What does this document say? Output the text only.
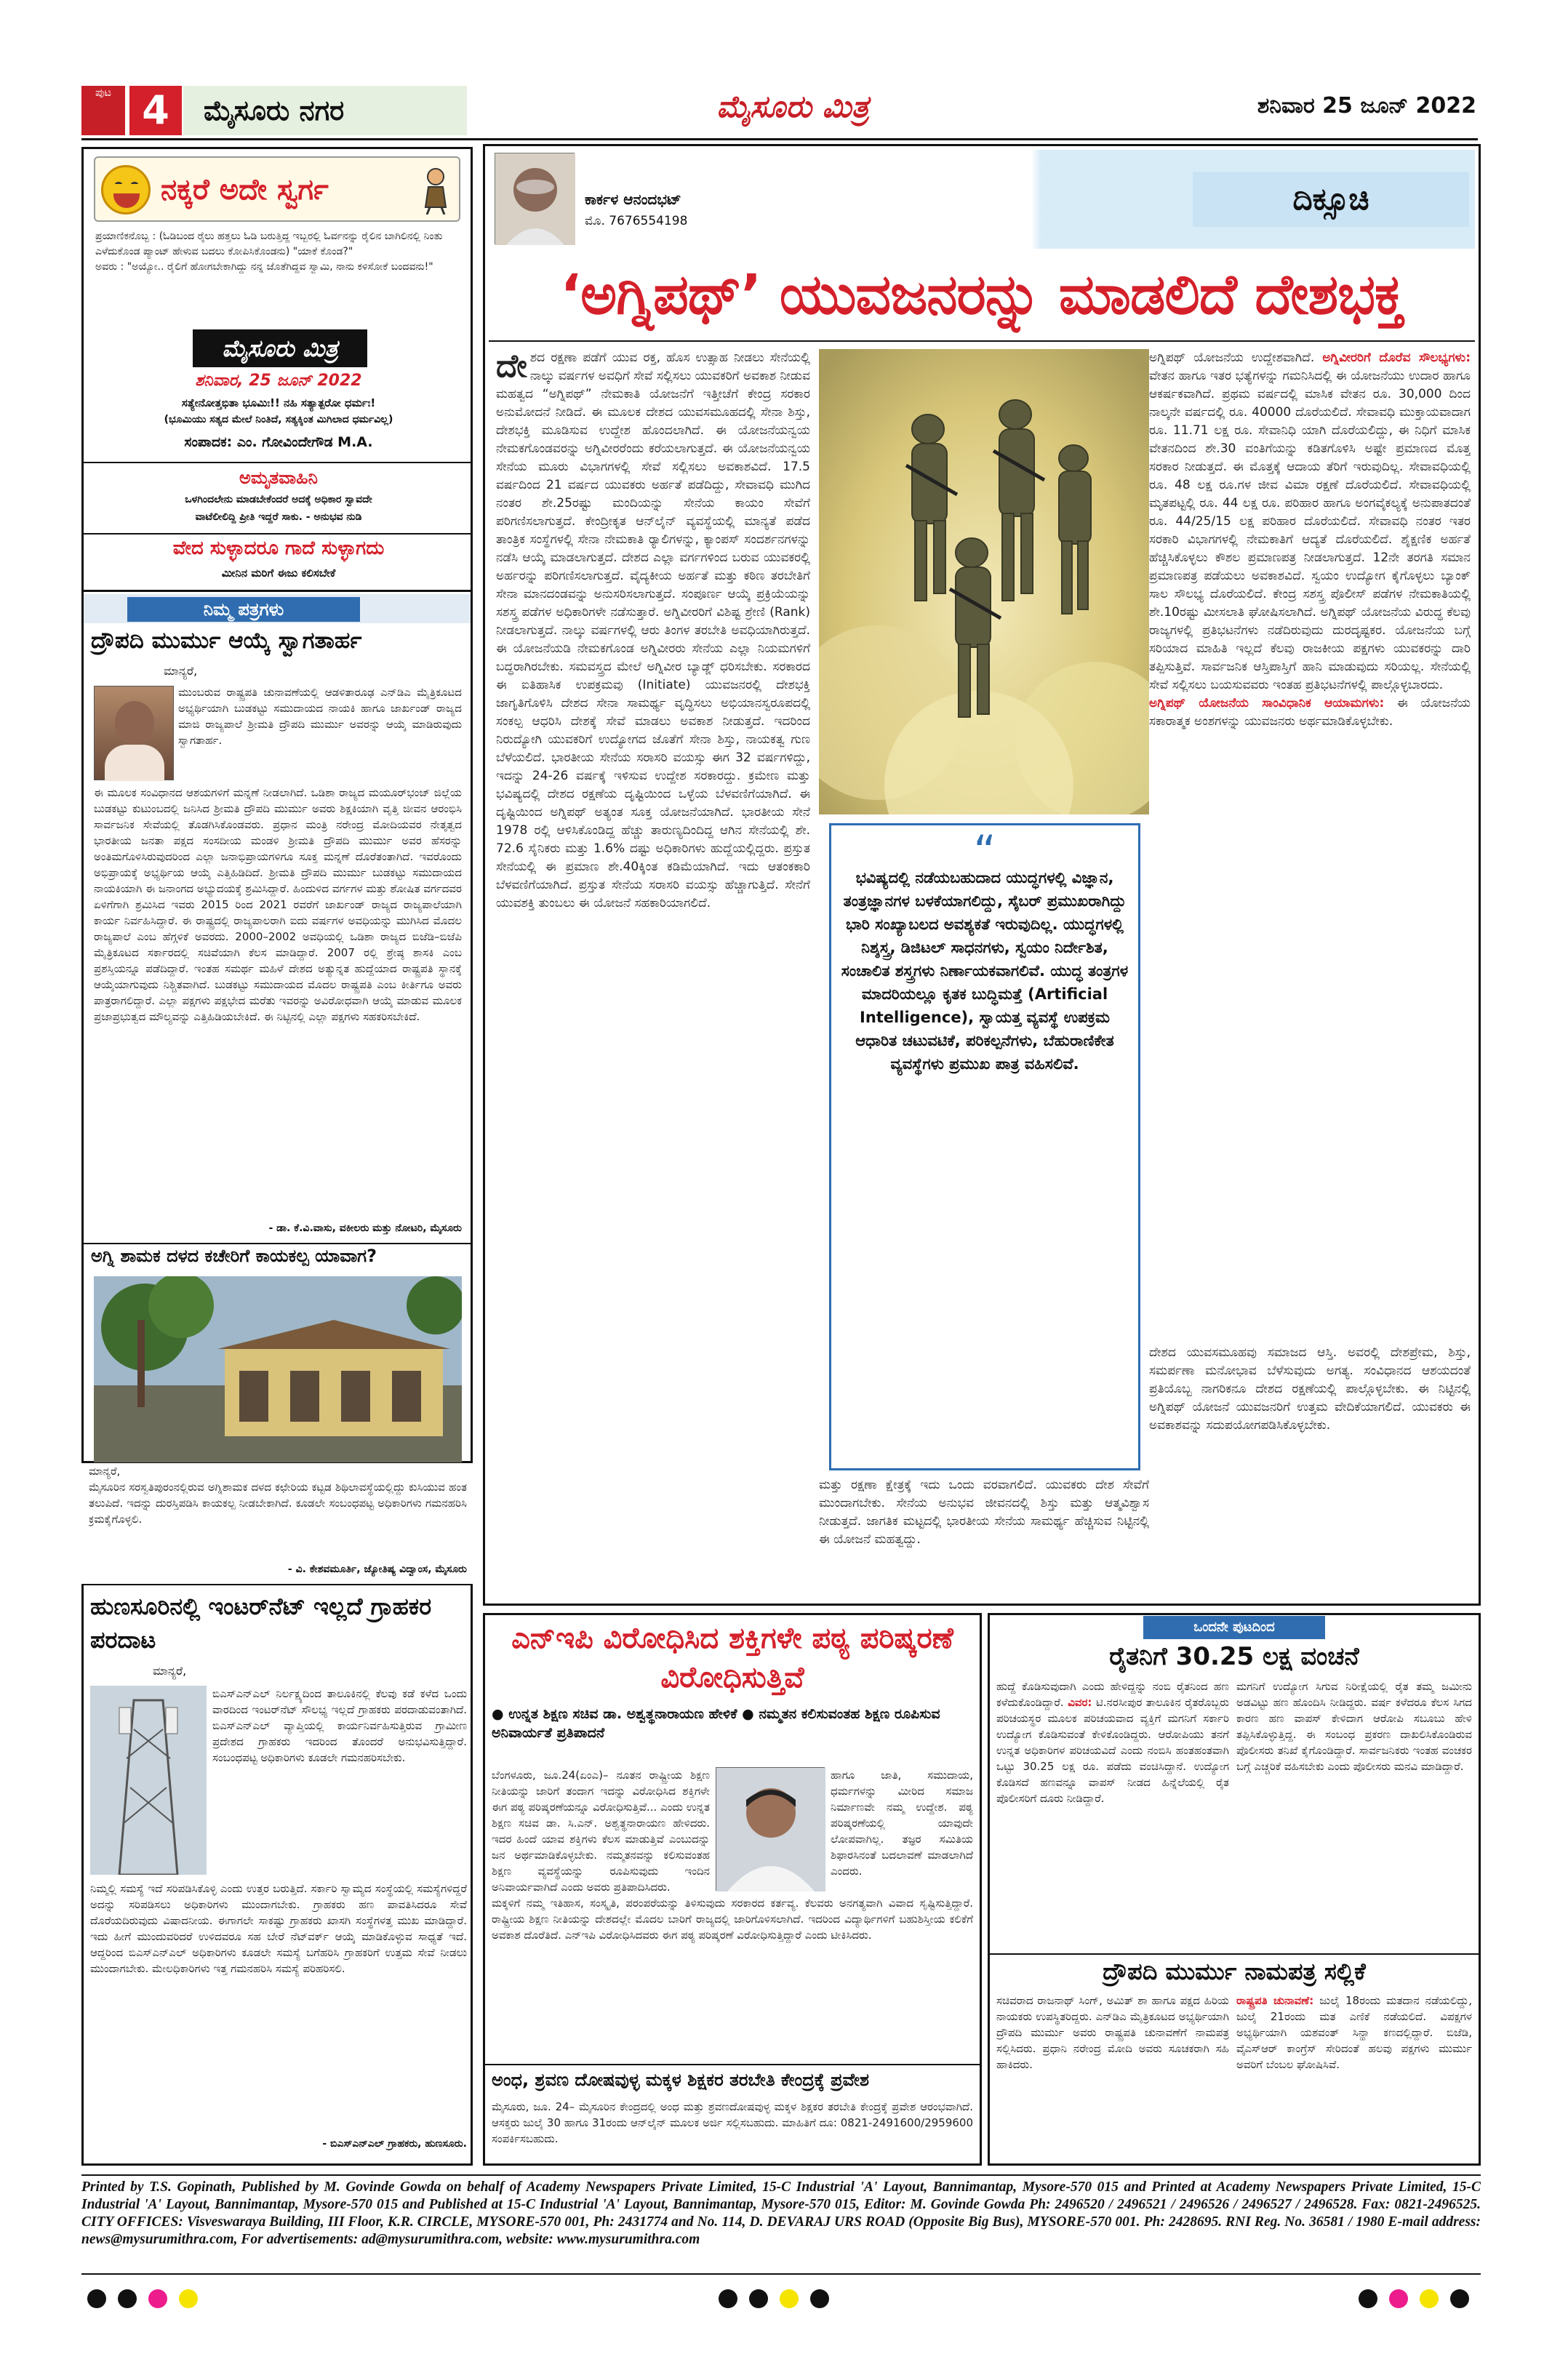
ಪುಟ 4	ಮೈಸೂರು ನಗರ	ಮೈಸೂರು ಮಿತ್ರ	ಶನಿವಾರ 25 ಜೂನ್ 2022
ನಕ್ಕರೆ ಅದೇ ಸ್ವರ್ಗ
ಪ್ರಯಾಣಿಕನೊಬ್ಬ : (ಓಡಿಬಂದ ರೈಲು ಹತ್ತಲು ಓಡಿ ಬರುತ್ತಿದ್ದ ಇಬ್ಬರಲ್ಲಿ ಓರ್ವನನ್ನು ರೈಲಿನ ಬಾಗಿಲಿನಲ್ಲಿ ನಿಂತು
ಎಳೆದುಕೊಂಡ ಪ್ಯಾಂಟ್‌ ಹೇಳುವ ಬದಲು ಕೋಪಿಸಿಕೊಂಡನು) "ಯಾಕೆ ಕೊಂಡ?"
ಅವರು : "ಅಯ್ಯೋ.. ರೈಲಿಗೆ ಹೋಗಬೇಕಾಗಿದ್ದು ನನ್ನ ಜೊತೆಗಿದ್ದವ ಸ್ವಾಮಿ, ನಾನು ಕಳಿಸೋಕೆ ಬಂದವನು!"
ಮೈಸೂರು ಮಿತ್ರ
ಶನಿವಾರ, 25 ಜೂನ್ 2022
ಸತ್ಯೇನೋತ್ತಭಿತಾ ಭೂಮಿಃ!! ನಹಿ ಸತ್ಯಾತ್ಪರೋ ಧರ್ಮಃ!
(ಭೂಮಿಯು ಸತ್ಯದ ಮೇಲೆ ನಿಂತಿದೆ, ಸತ್ಯಕ್ಕಿಂತ ಮಿಗಿಲಾದ ಧರ್ಮವಿಲ್ಲ)
ಸಂಪಾದಕ: ಎಂ. ಗೋವಿಂದೇಗೌಡ M.A.
ಅಮೃತವಾಹಿನಿ
ಒಳಗಿಂದಲೇನು ಮಾಡಬೇಕೆಂದರೆ ಅದಕ್ಕೆ ಅಧಿಕಾರ ಸ್ವಾವದೇ
ವಾಟೆಲೀಲಿದ್ದಿ ಪ್ರೀತಿ ಇದ್ದರೆ ಸಾಕು. - ಅನುಭವ ನುಡಿ
ವೇದ ಸುಳ್ಳಾದರೂ ಗಾದೆ ಸುಳ್ಳಾಗದು
ಮೀನಿನ ಮರಿಗೆ ಈಜು ಕಲಿಸಬೇಕೆ
ನಿಮ್ಮ ಪತ್ರಗಳು
ದ್ರೌಪದಿ ಮುರ್ಮು ಆಯ್ಕೆ ಸ್ವಾಗತಾರ್ಹ
ಮಾನ್ಯರೆ,
ಮುಂಬರುವ ರಾಷ್ಟ್ರಪತಿ ಚುನಾವಣೆಯಲ್ಲಿ ಆಡಳಿತಾರೂಢ ಎನ್‌ಡಿಎ ಮೈತ್ರಿಕೂಟದ ಅಭ್ಯರ್ಥಿಯಾಗಿ ಬುಡಕಟ್ಟು ಸಮುದಾಯದ ನಾಯಕಿ ಹಾಗೂ ಜಾರ್ಖಂಡ್ ರಾಜ್ಯದ ಮಾಜಿ ರಾಜ್ಯಪಾಲೆ ಶ್ರೀಮತಿ ದ್ರೌಪದಿ ಮುರ್ಮು ಅವರನ್ನು ಆಯ್ಕೆ ಮಾಡಿರುವುದು ಸ್ವಾಗತಾರ್ಹ.
ಈ ಮೂಲಕ ಸಂವಿಧಾನದ ಆಶಯಗಳಿಗೆ ಮನ್ನಣೆ ನೀಡಲಾಗಿದೆ. ಒಡಿಶಾ ರಾಜ್ಯದ ಮಯೂರ್‌ಭಂಜ್ ಜಿಲ್ಲೆಯ ಬುಡಕಟ್ಟು ಕುಟುಂಬದಲ್ಲಿ ಜನಿಸಿದ ಶ್ರೀಮತಿ ದ್ರೌಪದಿ ಮುರ್ಮು ಅವರು ಶಿಕ್ಷಕಿಯಾಗಿ ವೃತ್ತಿ ಜೀವನ ಆರಂಭಿಸಿ ಸಾರ್ವಜನಿಕ ಸೇವೆಯಲ್ಲಿ ತೊಡಗಿಸಿಕೊಂಡವರು. ಪ್ರಧಾನ ಮಂತ್ರಿ ನರೇಂದ್ರ ಮೋದಿಯವರ ನೇತೃತ್ವದ ಭಾರತೀಯ ಜನತಾ ಪಕ್ಷದ ಸಂಸದೀಯ ಮಂಡಳಿ ಶ್ರೀಮತಿ ದ್ರೌಪದಿ ಮುರ್ಮು ಅವರ ಹೆಸರನ್ನು ಅಂತಿಮಗೊಳಿಸಿರುವುದರಿಂದ ಎಲ್ಲಾ ಜನಾಭಿಪ್ರಾಯಗಳಿಗೂ ಸೂಕ್ತ ಮನ್ನಣೆ ದೊರೆತಂತಾಗಿದೆ. ಇವರೊಂದು ಅಭಿಪ್ರಾಯಕ್ಕೆ ಅಭ್ಯರ್ಥಿಯ ಆಯ್ಕೆ ಎತ್ತಿಹಿಡಿದಿದೆ. ಶ್ರೀಮತಿ ದ್ರೌಪದಿ ಮುರ್ಮು ಬುಡಕಟ್ಟು ಸಮುದಾಯದ ನಾಯಕಿಯಾಗಿ ಈ ಜನಾಂಗದ ಅಭ್ಯುದಯಕ್ಕೆ ಶ್ರಮಿಸಿದ್ದಾರೆ. ಹಿಂದುಳಿದ ವರ್ಗಗಳ ಮತ್ತು ಶೋಷಿತ ವರ್ಗದವರ ಏಳಿಗೆಗಾಗಿ ಶ್ರಮಿಸಿದ ಇವರು 2015 ರಿಂದ 2021 ರವರೆಗೆ ಜಾರ್ಖಂಡ್ ರಾಜ್ಯದ ರಾಜ್ಯಪಾಲೆಯಾಗಿ ಕಾರ್ಯ ನಿರ್ವಹಿಸಿದ್ದಾರೆ. ಈ ರಾಷ್ಟ್ರದಲ್ಲಿ ರಾಜ್ಯಪಾಲರಾಗಿ ಐದು ವರ್ಷಗಳ ಅವಧಿಯನ್ನು ಮುಗಿಸಿದ ಮೊದಲ ರಾಜ್ಯಪಾಲೆ ಎಂಬ ಹೆಗ್ಗಳಿಕೆ ಅವರದು. 2000–2002 ಅವಧಿಯಲ್ಲಿ ಒಡಿಶಾ ರಾಜ್ಯದ ಬಿಜೆಡಿ–ಬಿಜೆಪಿ ಮೈತ್ರಿಕೂಟದ ಸರ್ಕಾರದಲ್ಲಿ ಸಚಿವೆಯಾಗಿ ಕೆಲಸ ಮಾಡಿದ್ದಾರೆ. 2007 ರಲ್ಲಿ ಶ್ರೇಷ್ಠ ಶಾಸಕಿ ಎಂಬ ಪ್ರಶಸ್ತಿಯನ್ನೂ ಪಡೆದಿದ್ದಾರೆ. ಇಂತಹ ಸಮರ್ಥ ಮಹಿಳೆ ದೇಶದ ಅತ್ಯುನ್ನತ ಹುದ್ದೆಯಾದ ರಾಷ್ಟ್ರಪತಿ ಸ್ಥಾನಕ್ಕೆ ಆಯ್ಕೆಯಾಗುವುದು ನಿಶ್ಚಿತವಾಗಿದೆ. ಬುಡಕಟ್ಟು ಸಮುದಾಯದ ಮೊದಲ ರಾಷ್ಟ್ರಪತಿ ಎಂಬ ಕೀರ್ತಿಗೂ ಅವರು ಪಾತ್ರರಾಗಲಿದ್ದಾರೆ. ಎಲ್ಲಾ ಪಕ್ಷಗಳು ಪಕ್ಷಭೇದ ಮರೆತು ಇವರನ್ನು ಅವಿರೋಧವಾಗಿ ಆಯ್ಕೆ ಮಾಡುವ ಮೂಲಕ ಪ್ರಜಾಪ್ರಭುತ್ವದ ಮೌಲ್ಯವನ್ನು ಎತ್ತಿಹಿಡಿಯಬೇಕಿದೆ. ಈ ನಿಟ್ಟಿನಲ್ಲಿ ಎಲ್ಲಾ ಪಕ್ಷಗಳು ಸಹಕರಿಸಬೇಕಿದೆ.
- ಡಾ. ಕೆ.ವಿ.ವಾಸು, ವಕೀಲರು ಮತ್ತು ನೋಟರಿ, ಮೈಸೂರು
ಅಗ್ನಿ ಶಾಮಕ ದಳದ ಕಚೇರಿಗೆ ಕಾಯಕಲ್ಪ ಯಾವಾಗ?
ಮಾನ್ಯರೆ,
ಮೈಸೂರಿನ ಸರಸ್ವತಿಪುರಂನಲ್ಲಿರುವ ಅಗ್ನಿಶಾಮಕ ದಳದ ಕಛೇರಿಯ ಕಟ್ಟಡ ಶಿಥಿಲಾವಸ್ಥೆಯಲ್ಲಿದ್ದು ಕುಸಿಯುವ ಹಂತ ತಲುಪಿದೆ. ಇದನ್ನು ದುರಸ್ತಿಪಡಿಸಿ ಕಾಯಕಲ್ಪ ನೀಡಬೇಕಾಗಿದೆ. ಕೂಡಲೇ ಸಂಬಂಧಪಟ್ಟ ಅಧಿಕಾರಿಗಳು ಗಮನಹರಿಸಿ ಕ್ರಮಕೈಗೊಳ್ಳಲಿ.
- ವಿ. ಕೇಶವಮೂರ್ತಿ, ಜ್ಯೋತಿಷ್ಯ ವಿದ್ವಾಂಸ, ಮೈಸೂರು
ಹುಣಸೂರಿನಲ್ಲಿ ಇಂಟರ್‌ನೆಟ್ ಇಲ್ಲದೆ ಗ್ರಾಹಕರ ಪರದಾಟ
ಮಾನ್ಯರೆ,
ಬಿಎಸ್‌ಎನ್‌ಎಲ್ ನಿರ್ಲಕ್ಷ್ಯದಿಂದ ತಾಲೂಕಿನಲ್ಲಿ ಕೆಲವು ಕಡೆ ಕಳೆದ ಒಂದು ವಾರದಿಂದ ಇಂಟರ್‌ನೆಟ್ ಸೌಲಭ್ಯ ಇಲ್ಲದೆ ಗ್ರಾಹಕರು ಪರದಾಡುವಂತಾಗಿದೆ. ಬಿಎಸ್‌ಎನ್‌ಎಲ್ ವ್ಯಾಪ್ತಿಯಲ್ಲಿ ಕಾರ್ಯನಿರ್ವಹಿಸುತ್ತಿರುವ ಗ್ರಾಮೀಣ ಪ್ರದೇಶದ ಗ್ರಾಹಕರು ಇದರಿಂದ ತೊಂದರೆ ಅನುಭವಿಸುತ್ತಿದ್ದಾರೆ. ಸಂಬಂಧಪಟ್ಟ ಅಧಿಕಾರಿಗಳು ಕೂಡಲೇ ಗಮನಹರಿಸಬೇಕು.
ನಿಮ್ಮಲ್ಲಿ ಸಮಸ್ಯೆ ಇದೆ ಸರಿಪಡಿಸಿಕೊಳ್ಳಿ ಎಂದು ಉತ್ತರ ಬರುತ್ತಿದೆ. ಸರ್ಕಾರಿ ಸ್ವಾಮ್ಯದ ಸಂಸ್ಥೆಯಲ್ಲಿ ಸಮಸ್ಯೆಗಳಿದ್ದರೆ ಅದನ್ನು ಸರಿಪಡಿಸಲು ಅಧಿಕಾರಿಗಳು ಮುಂದಾಗಬೇಕು. ಗ್ರಾಹಕರು ಹಣ ಪಾವತಿಸಿದರೂ ಸೇವೆ ದೊರೆಯದಿರುವುದು ವಿಷಾದನೀಯ. ಈಗಾಗಲೇ ಸಾಕಷ್ಟು ಗ್ರಾಹಕರು ಖಾಸಗಿ ಸಂಸ್ಥೆಗಳತ್ತ ಮುಖ ಮಾಡಿದ್ದಾರೆ. ಇದು ಹೀಗೆ ಮುಂದುವರಿದರೆ ಉಳಿದವರೂ ಸಹ ಬೇರೆ ನೆಟ್‌ವರ್ಕ್ ಆಯ್ಕೆ ಮಾಡಿಕೊಳ್ಳುವ ಸಾಧ್ಯತೆ ಇದೆ. ಆದ್ದರಿಂದ ಬಿಎಸ್‌ಎನ್‌ಎಲ್ ಅಧಿಕಾರಿಗಳು ಕೂಡಲೇ ಸಮಸ್ಯೆ ಬಗೆಹರಿಸಿ ಗ್ರಾಹಕರಿಗೆ ಉತ್ತಮ ಸೇವೆ ನೀಡಲು ಮುಂದಾಗಬೇಕು. ಮೇಲಧಿಕಾರಿಗಳು ಇತ್ತ ಗಮನಹರಿಸಿ ಸಮಸ್ಯೆ ಪರಿಹರಿಸಲಿ.
- ಬಿಎಸ್‌ಎನ್‌ಎಲ್ ಗ್ರಾಹಕರು, ಹುಣಸೂರು.
ಕಾರ್ಕಳ ಆನಂದಭಟ್
ಮೊ. 7676554198
ದಿಕ್ಸೂಚಿ
‘ಅಗ್ನಿಪಥ್’ ಯುವಜನರನ್ನು ಮಾಡಲಿದೆ ದೇಶಭಕ್ತ
ದೇಶದ ರಕ್ಷಣಾ ಪಡೆಗೆ ಯುವ ರಕ್ತ, ಹೊಸ ಉತ್ಸಾಹ ನೀಡಲು ಸೇನೆಯಲ್ಲಿ ನಾಲ್ಕು ವರ್ಷಗಳ ಅವಧಿಗೆ ಸೇವೆ ಸಲ್ಲಿಸಲು ಯುವಕರಿಗೆ ಅವಕಾಶ ನೀಡುವ ಮಹತ್ವದ “ಅಗ್ನಿಪಥ್” ನೇಮಕಾತಿ ಯೋಜನೆಗೆ ಇತ್ತೀಚೆಗೆ ಕೇಂದ್ರ ಸರಕಾರ ಅನುಮೋದನೆ ನೀಡಿದೆ. ಈ ಮೂಲಕ ದೇಶದ ಯುವಸಮೂಹದಲ್ಲಿ ಸೇನಾ ಶಿಸ್ತು, ದೇಶಭಕ್ತಿ ಮೂಡಿಸುವ ಉದ್ದೇಶ ಹೊಂದಲಾಗಿದೆ. ಈ ಯೋಜನೆಯನ್ವಯ ನೇಮಕಗೊಂಡವರನ್ನು ಅಗ್ನಿವೀರರೆಂದು ಕರೆಯಲಾಗುತ್ತದೆ. ಈ ಯೋಜನೆಯನ್ವಯ ಸೇನೆಯ ಮೂರು ವಿಭಾಗಗಳಲ್ಲಿ ಸೇವೆ ಸಲ್ಲಿಸಲು ಅವಕಾಶವಿದೆ. 17.5 ವರ್ಷದಿಂದ 21 ವರ್ಷದ ಯುವಕರು ಅರ್ಹತೆ ಪಡೆದಿದ್ದು, ಸೇವಾವಧಿ ಮುಗಿದ ನಂತರ ಶೇ.25ರಷ್ಟು ಮಂದಿಯನ್ನು ಸೇನೆಯ ಕಾಯಂ ಸೇವೆಗೆ ಪರಿಗಣಿಸಲಾಗುತ್ತದೆ. ಕೇಂದ್ರೀಕೃತ ಆನ್‌ಲೈನ್ ವ್ಯವಸ್ಥೆಯಲ್ಲಿ ಮಾನ್ಯತೆ ಪಡೆದ ತಾಂತ್ರಿಕ ಸಂಸ್ಥೆಗಳಲ್ಲಿ ಸೇನಾ ನೇಮಕಾತಿ ರ‍್ಯಾಲಿಗಳನ್ನು, ಕ್ಯಾಂಪಸ್ ಸಂದರ್ಶನಗಳನ್ನು ನಡೆಸಿ ಆಯ್ಕೆ ಮಾಡಲಾಗುತ್ತದೆ. ದೇಶದ ಎಲ್ಲಾ ವರ್ಗಗಳಿಂದ ಬರುವ ಯುವಕರಲ್ಲಿ ಅರ್ಹರನ್ನು ಪರಿಗಣಿಸಲಾಗುತ್ತದೆ. ವೈದ್ಯಕೀಯ ಅರ್ಹತೆ ಮತ್ತು ಕಠಿಣ ತರಬೇತಿಗೆ ಸೇನಾ ಮಾನದಂಡವನ್ನು ಅನುಸರಿಸಲಾಗುತ್ತದೆ. ಸಂಪೂರ್ಣ ಆಯ್ಕೆ ಪ್ರಕ್ರಿಯೆಯನ್ನು ಸಶಸ್ತ್ರ ಪಡೆಗಳ ಅಧಿಕಾರಿಗಳೇ ನಡೆಸುತ್ತಾರೆ. ಅಗ್ನಿವೀರರಿಗೆ ವಿಶಿಷ್ಟ ಶ್ರೇಣಿ (Rank) ನೀಡಲಾಗುತ್ತದೆ. ನಾಲ್ಕು ವರ್ಷಗಳಲ್ಲಿ ಆರು ತಿಂಗಳ ತರಬೇತಿ ಅವಧಿಯಾಗಿರುತ್ತದೆ. ಈ ಯೋಜನೆಯಡಿ ನೇಮಕಗೊಂಡ ಅಗ್ನಿವೀರರು ಸೇನೆಯ ಎಲ್ಲಾ ನಿಯಮಗಳಿಗೆ ಬದ್ಧರಾಗಿರಬೇಕು. ಸಮವಸ್ತ್ರದ ಮೇಲೆ ಅಗ್ನಿವೀರ ಬ್ಯಾಡ್ಜ್ ಧರಿಸಬೇಕು. ಸರಕಾರದ ಈ ಐತಿಹಾಸಿಕ ಉಪಕ್ರಮವು (Initiate) ಯುವಜನರಲ್ಲಿ ದೇಶಭಕ್ತಿ ಜಾಗೃತಿಗೊಳಿಸಿ ದೇಶದ ಸೇನಾ ಸಾಮರ್ಥ್ಯ ವೃದ್ಧಿಸಲು ಅಭಿಯಾನಸ್ವರೂಪದಲ್ಲಿ ಸಂಕಲ್ಪ ಆಧರಿಸಿ ದೇಶಕ್ಕೆ ಸೇವೆ ಮಾಡಲು ಅವಕಾಶ ನೀಡುತ್ತದೆ. ಇದರಿಂದ ನಿರುದ್ಯೋಗಿ ಯುವಕರಿಗೆ ಉದ್ಯೋಗದ ಜೊತೆಗೆ ಸೇನಾ ಶಿಸ್ತು, ನಾಯಕತ್ವ ಗುಣ ಬೆಳೆಯಲಿದೆ. ಭಾರತೀಯ ಸೇನೆಯ ಸರಾಸರಿ ವಯಸ್ಸು ಈಗ 32 ವರ್ಷಗಳಿದ್ದು, ಇದನ್ನು 24-26 ವರ್ಷಕ್ಕೆ ಇಳಿಸುವ ಉದ್ದೇಶ ಸರಕಾರದ್ದು. ಕ್ರಮೇಣ ಮತ್ತು ಭವಿಷ್ಯದಲ್ಲಿ ದೇಶದ ರಕ್ಷಣೆಯ ದೃಷ್ಟಿಯಿಂದ ಒಳ್ಳೆಯ ಬೆಳವಣಿಗೆಯಾಗಿದೆ. ಈ ದೃಷ್ಟಿಯಿಂದ ಅಗ್ನಿಪಥ್ ಅತ್ಯಂತ ಸೂಕ್ತ ಯೋಜನೆಯಾಗಿದೆ. ಭಾರತೀಯ ಸೇನೆ 1978 ರಲ್ಲಿ ಆಳಿಸಿಕೊಂಡಿದ್ದ ಹೆಚ್ಚು ತಾರುಣ್ಯದಿಂದಿದ್ದ ಆಗಿನ ಸೇನೆಯಲ್ಲಿ ಶೇ. 72.6 ಸೈನಿಕರು ಮತ್ತು 1.6% ದಷ್ಟು ಅಧಿಕಾರಿಗಳು ಹುದ್ದೆಯಲ್ಲಿದ್ದರು. ಪ್ರಸ್ತುತ ಸೇನೆಯಲ್ಲಿ ಈ ಪ್ರಮಾಣ ಶೇ.40ಕ್ಕಿಂತ ಕಡಿಮೆಯಾಗಿದೆ. ಇದು ಆತಂಕಕಾರಿ ಬೆಳವಣಿಗೆಯಾಗಿದೆ. ಪ್ರಸ್ತುತ ಸೇನೆಯ ಸರಾಸರಿ ವಯಸ್ಸು ಹೆಚ್ಚಾಗುತ್ತಿದೆ. ಸೇನೆಗೆ ಯುವಶಕ್ತಿ ತುಂಬಲು ಈ ಯೋಜನೆ ಸಹಕಾರಿಯಾಗಲಿದೆ.
“
ಭವಿಷ್ಯದಲ್ಲಿ ನಡೆಯಬಹುದಾದ ಯುದ್ಧಗಳಲ್ಲಿ ವಿಜ್ಞಾನ, ತಂತ್ರಜ್ಞಾನಗಳ ಬಳಕೆಯಾಗಲಿದ್ದು, ಸೈಬರ್ ಪ್ರಮುಖರಾಗಿದ್ದು ಭಾರಿ ಸಂಖ್ಯಾಬಲದ ಅವಶ್ಯಕತೆ ಇರುವುದಿಲ್ಲ. ಯುದ್ಧಗಳಲ್ಲಿ ನಿಶ್ಶಸ್ತ್ರ, ಡಿಜಿಟಲ್ ಸಾಧನಗಳು, ಸ್ವಯಂ ನಿರ್ದೇಶಿತ, ಸಂಚಾಲಿತ ಶಸ್ತ್ರಗಳು ನಿರ್ಣಾಯಕವಾಗಲಿವೆ. ಯುದ್ಧ ತಂತ್ರಗಳ ಮಾದರಿಯಲ್ಲೂ ಕೃತಕ ಬುದ್ಧಿಮತ್ತೆ (Artificial Intelligence), ಸ್ವಾಯತ್ತ ವ್ಯವಸ್ಥೆ ಉಪಕ್ರಮ ಆಧಾರಿತ ಚಟುವಟಿಕೆ, ಪರಿಕಲ್ಪನೆಗಳು, ಬೆಹುರಾಣಿಕೇತ ವ್ಯವಸ್ಥೆಗಳು ಪ್ರಮುಖ ಪಾತ್ರ ವಹಿಸಲಿವೆ.
ಅಗ್ನಿಪಥ್ ಯೋಜನೆಯ ಉದ್ದೇಶವಾಗಿದೆ. ಅಗ್ನಿವೀರರಿಗೆ ದೊರೆವ ಸೌಲಭ್ಯಗಳು: ವೇತನ ಹಾಗೂ ಇತರ ಭತ್ಯೆಗಳನ್ನು ಗಮನಿಸಿದಲ್ಲಿ ಈ ಯೋಜನೆಯು ಉದಾರ ಹಾಗೂ ಆಕರ್ಷಕವಾಗಿದೆ. ಪ್ರಥಮ ವರ್ಷದಲ್ಲಿ ಮಾಸಿಕ ವೇತನ ರೂ. 30,000 ದಿಂದ ನಾಲ್ಕನೇ ವರ್ಷದಲ್ಲಿ ರೂ. 40000 ದೊರೆಯಲಿದೆ. ಸೇವಾವಧಿ ಮುಕ್ತಾಯವಾದಾಗ ರೂ. 11.71 ಲಕ್ಷ ರೂ. ಸೇವಾನಿಧಿ ಯಾಗಿ ದೊರೆಯಲಿದ್ದು, ಈ ನಿಧಿಗೆ ಮಾಸಿಕ ವೇತನದಿಂದ ಶೇ.30 ವಂತಿಗೆಯನ್ನು ಕಡಿತಗೊಳಿಸಿ ಅಷ್ಟೇ ಪ್ರಮಾಣದ ಮೊತ್ತ ಸರಕಾರ ನೀಡುತ್ತದೆ. ಈ ಮೊತ್ತಕ್ಕೆ ಆದಾಯ ತೆರಿಗೆ ಇರುವುದಿಲ್ಲ. ಸೇವಾವಧಿಯಲ್ಲಿ ರೂ. 48 ಲಕ್ಷ ರೂ.ಗಳ ಜೀವ ವಿಮಾ ರಕ್ಷಣೆ ದೊರೆಯಲಿದೆ. ಸೇವಾವಧಿಯಲ್ಲಿ ಮೃತಪಟ್ಟಲ್ಲಿ ರೂ. 44 ಲಕ್ಷ ರೂ. ಪರಿಹಾರ ಹಾಗೂ ಅಂಗವೈಕಲ್ಯಕ್ಕೆ ಅನುಪಾತದಂತೆ ರೂ. 44/25/15 ಲಕ್ಷ ಪರಿಹಾರ ದೊರೆಯಲಿದೆ. ಸೇವಾವಧಿ ನಂತರ ಇತರ ಸರಕಾರಿ ವಿಭಾಗಗಳಲ್ಲಿ ನೇಮಕಾತಿಗೆ ಆದ್ಯತೆ ದೊರೆಯಲಿದೆ. ಶೈಕ್ಷಣಿಕ ಅರ್ಹತೆ ಹೆಚ್ಚಿಸಿಕೊಳ್ಳಲು ಕೌಶಲ ಪ್ರಮಾಣಪತ್ರ ನೀಡಲಾಗುತ್ತದೆ. 12ನೇ ತರಗತಿ ಸಮಾನ ಪ್ರಮಾಣಪತ್ರ ಪಡೆಯಲು ಅವಕಾಶವಿದೆ. ಸ್ವಯಂ ಉದ್ಯೋಗ ಕೈಗೊಳ್ಳಲು ಬ್ಯಾಂಕ್ ಸಾಲ ಸೌಲಭ್ಯ ದೊರೆಯಲಿದೆ. ಕೇಂದ್ರ ಸಶಸ್ತ್ರ ಪೊಲೀಸ್ ಪಡೆಗಳ ನೇಮಕಾತಿಯಲ್ಲಿ ಶೇ.10ರಷ್ಟು ಮೀಸಲಾತಿ ಘೋಷಿಸಲಾಗಿದೆ. ಅಗ್ನಿಪಥ್ ಯೋಜನೆಯ ವಿರುದ್ಧ ಕೆಲವು ರಾಜ್ಯಗಳಲ್ಲಿ ಪ್ರತಿಭಟನೆಗಳು ನಡೆದಿರುವುದು ದುರದೃಷ್ಟಕರ. ಯೋಜನೆಯ ಬಗ್ಗೆ ಸರಿಯಾದ ಮಾಹಿತಿ ಇಲ್ಲದೆ ಕೆಲವು ರಾಜಕೀಯ ಪಕ್ಷಗಳು ಯುವಕರನ್ನು ದಾರಿ ತಪ್ಪಿಸುತ್ತಿವೆ. ಸಾರ್ವಜನಿಕ ಆಸ್ತಿಪಾಸ್ತಿಗೆ ಹಾನಿ ಮಾಡುವುದು ಸರಿಯಲ್ಲ. ಸೇನೆಯಲ್ಲಿ ಸೇವೆ ಸಲ್ಲಿಸಲು ಬಯಸುವವರು ಇಂತಹ ಪ್ರತಿಭಟನೆಗಳಲ್ಲಿ ಪಾಲ್ಗೊಳ್ಳಬಾರದು.
ಅಗ್ನಿಪಥ್ ಯೋಜನೆಯ ಸಾಂವಿಧಾನಿಕ ಆಯಾಮಗಳು: ಈ ಯೋಜನೆಯ ಸಕಾರಾತ್ಮಕ ಅಂಶಗಳನ್ನು ಯುವಜನರು ಅರ್ಥಮಾಡಿಕೊಳ್ಳಬೇಕು.
ಮತ್ತು ರಕ್ಷಣಾ ಕ್ಷೇತ್ರಕ್ಕೆ ಇದು ಒಂದು ವರವಾಗಲಿದೆ. ಯುವಕರು ದೇಶ ಸೇವೆಗೆ ಮುಂದಾಗಬೇಕು. ಸೇನೆಯ ಅನುಭವ ಜೀವನದಲ್ಲಿ ಶಿಸ್ತು ಮತ್ತು ಆತ್ಮವಿಶ್ವಾಸ ನೀಡುತ್ತದೆ. ಜಾಗತಿಕ ಮಟ್ಟದಲ್ಲಿ ಭಾರತೀಯ ಸೇನೆಯ ಸಾಮರ್ಥ್ಯ ಹೆಚ್ಚಿಸುವ ನಿಟ್ಟಿನಲ್ಲಿ ಈ ಯೋಜನೆ ಮಹತ್ವದ್ದು.
ದೇಶದ ಯುವಸಮೂಹವು ಸಮಾಜದ ಆಸ್ತಿ. ಅವರಲ್ಲಿ ದೇಶಪ್ರೇಮ, ಶಿಸ್ತು, ಸಮರ್ಪಣಾ ಮನೋಭಾವ ಬೆಳೆಸುವುದು ಅಗತ್ಯ. ಸಂವಿಧಾನದ ಆಶಯದಂತೆ ಪ್ರತಿಯೊಬ್ಬ ನಾಗರಿಕನೂ ದೇಶದ ರಕ್ಷಣೆಯಲ್ಲಿ ಪಾಲ್ಗೊಳ್ಳಬೇಕು. ಈ ನಿಟ್ಟಿನಲ್ಲಿ ಅಗ್ನಿಪಥ್ ಯೋಜನೆ ಯುವಜನರಿಗೆ ಉತ್ತಮ ವೇದಿಕೆಯಾಗಲಿದೆ. ಯುವಕರು ಈ ಅವಕಾಶವನ್ನು ಸದುಪಯೋಗಪಡಿಸಿಕೊಳ್ಳಬೇಕು.
ಎನ್‌ಇಪಿ ವಿರೋಧಿಸಿದ ಶಕ್ತಿಗಳೇ ಪಠ್ಯ ಪರಿಷ್ಕರಣೆ ವಿರೋಧಿಸುತ್ತಿವೆ
● ಉನ್ನತ ಶಿಕ್ಷಣ ಸಚಿವ ಡಾ. ಅಶ್ವತ್ಥನಾರಾಯಣ ಹೇಳಿಕೆ ● ನಮ್ಮತನ ಕಲಿಸುವಂತಹ ಶಿಕ್ಷಣ ರೂಪಿಸುವ ಅನಿವಾರ್ಯತೆ ಪ್ರತಿಪಾದನೆ
ಬೆಂಗಳೂರು, ಜೂ.24(ಏಂಎ)– ನೂತನ ರಾಷ್ಟ್ರೀಯ ಶಿಕ್ಷಣ ನೀತಿಯನ್ನು ಜಾರಿಗೆ ತಂದಾಗ ಇದನ್ನು ವಿರೋಧಿಸಿದ ಶಕ್ತಿಗಳೇ ಈಗ ಪಠ್ಯ ಪರಿಷ್ಕರಣೆಯನ್ನೂ ವಿರೋಧಿಸುತ್ತಿವೆ... ಎಂದು ಉನ್ನತ ಶಿಕ್ಷಣ ಸಚಿವ ಡಾ. ಸಿ.ಎನ್. ಅಶ್ವತ್ಥನಾರಾಯಣ ಹೇಳಿದರು. ಇದರ ಹಿಂದೆ ಯಾವ ಶಕ್ತಿಗಳು ಕೆಲಸ ಮಾಡುತ್ತಿವೆ ಎಂಬುದನ್ನು ಜನ ಅರ್ಥಮಾಡಿಕೊಳ್ಳಬೇಕು. ನಮ್ಮತನವನ್ನು ಕಲಿಸುವಂತಹ ಶಿಕ್ಷಣ ವ್ಯವಸ್ಥೆಯನ್ನು ರೂಪಿಸುವುದು ಇಂದಿನ ಅನಿವಾರ್ಯವಾಗಿದೆ ಎಂದು ಅವರು ಪ್ರತಿಪಾದಿಸಿದರು.
ಹಾಗೂ ಜಾತಿ, ಸಮುದಾಯ, ಧರ್ಮಗಳನ್ನು ಮೀರಿದ ಸಮಾಜ ನಿರ್ಮಾಣವೇ ನಮ್ಮ ಉದ್ದೇಶ. ಪಠ್ಯ ಪರಿಷ್ಕರಣೆಯಲ್ಲಿ ಯಾವುದೇ ಲೋಪವಾಗಿಲ್ಲ. ತಜ್ಞರ ಸಮಿತಿಯ ಶಿಫಾರಸಿನಂತೆ ಬದಲಾವಣೆ ಮಾಡಲಾಗಿದೆ ಎಂದರು.
ಮಕ್ಕಳಿಗೆ ನಮ್ಮ ಇತಿಹಾಸ, ಸಂಸ್ಕೃತಿ, ಪರಂಪರೆಯನ್ನು ತಿಳಿಸುವುದು ಸರಕಾರದ ಕರ್ತವ್ಯ. ಕೆಲವರು ಅನಗತ್ಯವಾಗಿ ವಿವಾದ ಸೃಷ್ಟಿಸುತ್ತಿದ್ದಾರೆ. ರಾಷ್ಟ್ರೀಯ ಶಿಕ್ಷಣ ನೀತಿಯನ್ನು ದೇಶದಲ್ಲೇ ಮೊದಲ ಬಾರಿಗೆ ರಾಜ್ಯದಲ್ಲಿ ಜಾರಿಗೊಳಿಸಲಾಗಿದೆ. ಇದರಿಂದ ವಿದ್ಯಾರ್ಥಿಗಳಿಗೆ ಬಹುಶಿಸ್ತೀಯ ಕಲಿಕೆಗೆ ಅವಕಾಶ ದೊರೆತಿದೆ. ಎನ್‌ಇಪಿ ವಿರೋಧಿಸಿದವರು ಈಗ ಪಠ್ಯ ಪರಿಷ್ಕರಣೆ ವಿರೋಧಿಸುತ್ತಿದ್ದಾರೆ ಎಂದು ಟೀಕಿಸಿದರು.
ಅಂಧ, ಶ್ರವಣ ದೋಷವುಳ್ಳ ಮಕ್ಕಳ ಶಿಕ್ಷಕರ ತರಬೇತಿ ಕೇಂದ್ರಕ್ಕೆ ಪ್ರವೇಶ
ಮೈಸೂರು, ಜೂ. 24– ಮೈಸೂರಿನ ಕೇಂದ್ರದಲ್ಲಿ ಅಂಧ ಮತ್ತು ಶ್ರವಣದೋಷವುಳ್ಳ ಮಕ್ಕಳ ಶಿಕ್ಷಕರ ತರಬೇತಿ ಕೇಂದ್ರಕ್ಕೆ ಪ್ರವೇಶ ಆರಂಭವಾಗಿದೆ. ಆಸಕ್ತರು ಜುಲೈ 30 ಹಾಗೂ 31ರಂದು ಆನ್‌ಲೈನ್ ಮೂಲಕ ಅರ್ಜಿ ಸಲ್ಲಿಸಬಹುದು. ಮಾಹಿತಿಗೆ ದೂ: 0821-2491600/2959600 ಸಂಪರ್ಕಿಸಬಹುದು.
ಒಂದನೇ ಪುಟದಿಂದ
ರೈತನಿಗೆ 30.25 ಲಕ್ಷ ವಂಚನೆ
ಹುದ್ದೆ ಕೊಡಿಸುವುದಾಗಿ ಎಂದು ಹೇಳಿದ್ದನ್ನು ನಂಬಿ ರೈತನಿಂದ ಹಣ ಕಳೆದುಕೊಂಡಿದ್ದಾರೆ. ವಿವರ: ಟಿ.ನರಸೀಪುರ ತಾಲೂಕಿನ ರೈತರೊಬ್ಬರು ಪರಿಚಯಸ್ಥರ ಮೂಲಕ ಪರಿಚಯವಾದ ವ್ಯಕ್ತಿಗೆ ಮಗನಿಗೆ ಸರ್ಕಾರಿ ಉದ್ಯೋಗ ಕೊಡಿಸುವಂತೆ ಕೇಳಿಕೊಂಡಿದ್ದರು. ಆರೋಪಿಯು ತನಗೆ ಉನ್ನತ ಅಧಿಕಾರಿಗಳ ಪರಿಚಯವಿದೆ ಎಂದು ನಂಬಿಸಿ ಹಂತಹಂತವಾಗಿ ಒಟ್ಟು 30.25 ಲಕ್ಷ ರೂ. ಪಡೆದು ವಂಚಿಸಿದ್ದಾನೆ. ಉದ್ಯೋಗ ಕೊಡಿಸದೆ ಹಣವನ್ನೂ ವಾಪಸ್ ನೀಡದ ಹಿನ್ನೆಲೆಯಲ್ಲಿ ರೈತ ಪೊಲೀಸರಿಗೆ ದೂರು ನೀಡಿದ್ದಾರೆ.
ಮಗನಿಗೆ ಉದ್ಯೋಗ ಸಿಗುವ ನಿರೀಕ್ಷೆಯಲ್ಲಿ ರೈತ ತಮ್ಮ ಜಮೀನು ಅಡವಿಟ್ಟು ಹಣ ಹೊಂದಿಸಿ ನೀಡಿದ್ದರು. ವರ್ಷ ಕಳೆದರೂ ಕೆಲಸ ಸಿಗದ ಕಾರಣ ಹಣ ವಾಪಸ್ ಕೇಳಿದಾಗ ಆರೋಪಿ ಸಬೂಬು ಹೇಳಿ ತಪ್ಪಿಸಿಕೊಳ್ಳುತ್ತಿದ್ದ. ಈ ಸಂಬಂಧ ಪ್ರಕರಣ ದಾಖಲಿಸಿಕೊಂಡಿರುವ ಪೊಲೀಸರು ತನಿಖೆ ಕೈಗೊಂಡಿದ್ದಾರೆ. ಸಾರ್ವಜನಿಕರು ಇಂತಹ ವಂಚಕರ ಬಗ್ಗೆ ಎಚ್ಚರಿಕೆ ವಹಿಸಬೇಕು ಎಂದು ಪೊಲೀಸರು ಮನವಿ ಮಾಡಿದ್ದಾರೆ.
ದ್ರೌಪದಿ ಮುರ್ಮು ನಾಮಪತ್ರ ಸಲ್ಲಿಕೆ
ಸಚಿವರಾದ ರಾಜನಾಥ್ ಸಿಂಗ್, ಅಮಿತ್ ಶಾ ಹಾಗೂ ಪಕ್ಷದ ಹಿರಿಯ ನಾಯಕರು ಉಪಸ್ಥಿತರಿದ್ದರು. ಎನ್‌ಡಿಎ ಮೈತ್ರಿಕೂಟದ ಅಭ್ಯರ್ಥಿಯಾಗಿ ದ್ರೌಪದಿ ಮುರ್ಮು ಅವರು ರಾಷ್ಟ್ರಪತಿ ಚುನಾವಣೆಗೆ ನಾಮಪತ್ರ ಸಲ್ಲಿಸಿದರು. ಪ್ರಧಾನಿ ನರೇಂದ್ರ ಮೋದಿ ಅವರು ಸೂಚಕರಾಗಿ ಸಹಿ ಹಾಕಿದರು.
ರಾಷ್ಟ್ರಪತಿ ಚುನಾವಣೆ: ಜುಲೈ 18ರಂದು ಮತದಾನ ನಡೆಯಲಿದ್ದು, ಜುಲೈ 21ರಂದು ಮತ ಎಣಿಕೆ ನಡೆಯಲಿದೆ. ವಿಪಕ್ಷಗಳ ಅಭ್ಯರ್ಥಿಯಾಗಿ ಯಶವಂತ್ ಸಿನ್ಹಾ ಕಣದಲ್ಲಿದ್ದಾರೆ. ಬಿಜೆಡಿ, ವೈಎಸ್‌ಆರ್ ಕಾಂಗ್ರೆಸ್ ಸೇರಿದಂತೆ ಹಲವು ಪಕ್ಷಗಳು ಮುರ್ಮು ಅವರಿಗೆ ಬೆಂಬಲ ಘೋಷಿಸಿವೆ.
Printed by T.S. Gopinath, Published by M. Govinde Gowda on behalf of Academy Newspapers Private Limited, 15-C Industrial 'A' Layout, Bannimantap, Mysore-570 015 and Printed at Academy Newspapers Private Limited, 15-C Industrial 'A' Layout, Bannimantap, Mysore-570 015 and Published at 15-C Industrial 'A' Layout, Bannimantap, Mysore-570 015, Editor: M. Govinde Gowda Ph: 2496520 / 2496521 / 2496526 / 2496527 / 2496528. Fax: 0821-2496525. CITY OFFICES: Visveswaraya Building, III Floor, K.R. CIRCLE, MYSORE-570 001, Ph: 2431774 and No. 114, D. DEVARAJ URS ROAD (Opposite Big Bus), MYSORE-570 001. Ph: 2428695. RNI Reg. No. 36581 / 1980 E-mail address: news@mysurumithra.com, For advertisements: ad@mysurumithra.com, website: www.mysurumithra.com
